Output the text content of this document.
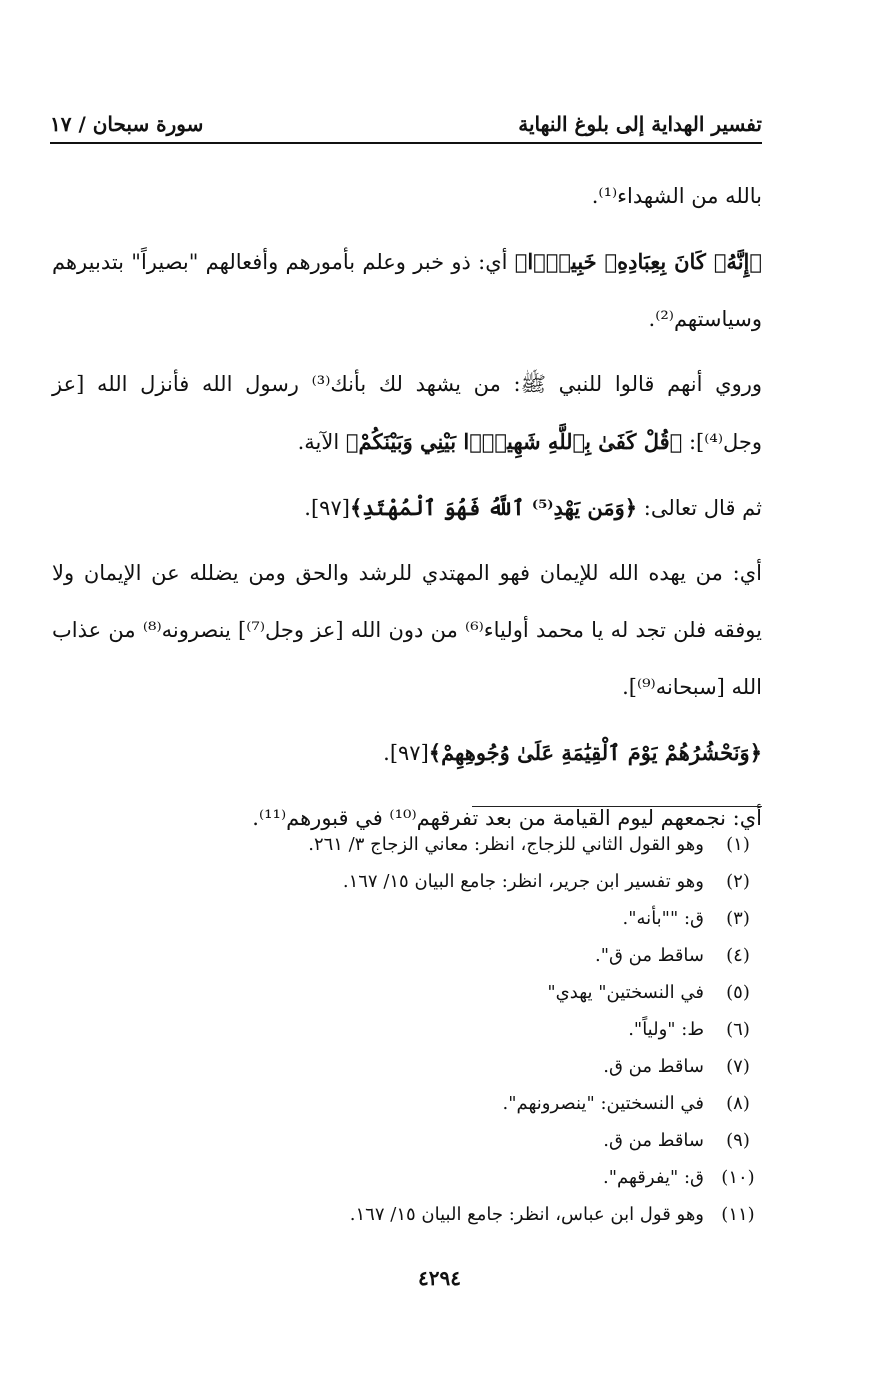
تفسير الهداية إلى بلوغ النهاية
سورة سبحان / ١٧

بالله من الشهداء⁽¹⁾.

﴿إِنَّهُۥ كَانَ بِعِبَادِهِۦ خَبِيرَۢا﴾ أي: ذو خبر وعلم بأمورهم وأفعالهم "بصيراً" بتدبيرهم وسياستهم⁽²⁾.

وروي أنهم قالوا للنبي ﷺ: من يشهد لك بأنك⁽³⁾ رسول الله فأنزل الله [عز وجل⁽⁴⁾]: ﴿قُلْ كَفَىٰ بِٱللَّهِ شَهِيدَۢا بَيْنِي وَبَيْنَكُمْ﴾ الآية.

ثم قال تعالى: ﴿وَمَن يَهْدِ⁽⁵⁾ ٱللَّهُ فَهُوَ ٱلْمُهْتَدِ﴾[٩٧].

أي: من يهده الله للإيمان فهو المهتدي للرشد والحق ومن يضلله عن الإيمان ولا يوفقه فلن تجد له يا محمد أولياء⁽⁶⁾ من دون الله [عز وجل⁽⁷⁾] ينصرونه⁽⁸⁾ من عذاب الله [سبحانه⁽⁹⁾].

﴿وَنَحْشُرُهُمْ يَوْمَ ٱلْقِيَٰمَةِ عَلَىٰ وُجُوهِهِمْ﴾[٩٧].

أي: نجمعهم ليوم القيامة من بعد تفرقهم⁽¹⁰⁾ في قبورهم⁽¹¹⁾.

(١)
وهو القول الثاني للزجاج، انظر: معاني الزجاج ٣/ ٢٦١.
(٢)
وهو تفسير ابن جرير، انظر: جامع البيان ١٥/ ١٦٧.
(٣)
ق: ""بأنه".
(٤)
ساقط من ق".
(٥)
في النسختين" يهدي"
(٦)
ط: "ولياً".
(٧)
ساقط من ق.
(٨)
في النسختين: "ينصرونهم".
(٩)
ساقط من ق.
(١٠)
ق: "يفرقهم".
(١١)
وهو قول ابن عباس، انظر: جامع البيان ١٥/ ١٦٧.
٤٢٩٤
